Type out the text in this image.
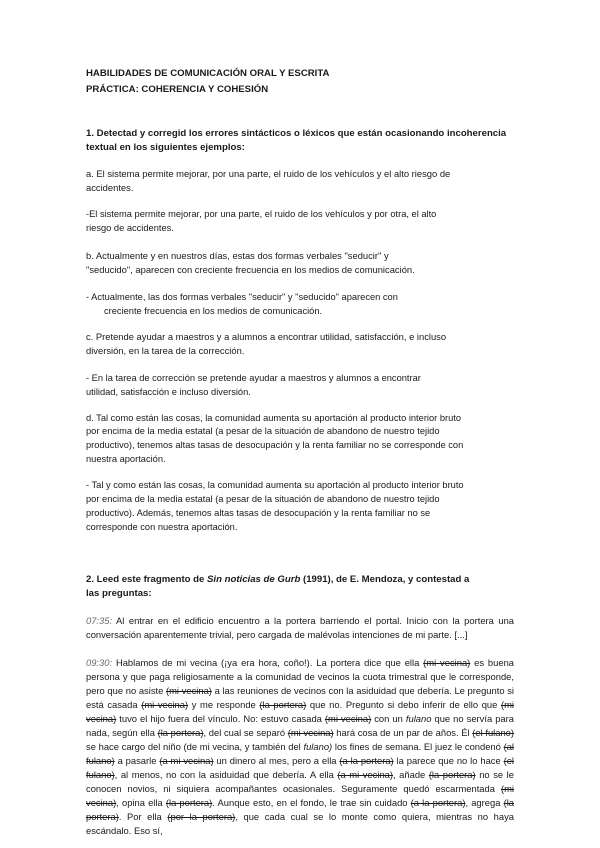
HABILIDADES DE COMUNICACIÓN ORAL Y ESCRITA
PRÁCTICA: COHERENCIA Y COHESIÓN
1. Detectad y corregid los errores sintácticos o léxicos que están ocasionando incoherencia
textual en los siguientes ejemplos:
a. El sistema permite mejorar, por una parte, el ruido de los vehículos y el alto riesgo de
accidentes.
-El sistema permite mejorar, por una parte, el ruido de los vehículos y por otra, el alto
riesgo de accidentes.
b. Actualmente y en nuestros días, estas dos formas verbales "seducir" y
"seducido", aparecen con creciente frecuencia en los medios de comunicación.
- Actualmente, las dos formas verbales "seducir" y "seducido" aparecen con
creciente frecuencia en los medios de comunicación.
c. Pretende ayudar a maestros y a alumnos a encontrar utilidad, satisfacción, e incluso
diversión, en la tarea de la corrección.
- En la tarea de corrección se pretende ayudar a maestros y alumnos a encontrar
utilidad, satisfacción e incluso diversión.
d. Tal como están las cosas, la comunidad aumenta su aportación al producto interior bruto
por encima de la media estatal (a pesar de la situación de abandono de nuestro tejido
productivo), tenemos altas tasas de desocupación y la renta familiar no se corresponde con
nuestra aportación.
- Tal y como están las cosas, la comunidad aumenta su aportación al producto interior bruto
por encima de la media estatal (a pesar de la situación de abandono de nuestro tejido
productivo). Además, tenemos altas tasas de desocupación y la renta familiar no se
corresponde con nuestra aportación.
2. Leed este fragmento de Sin noticias de Gurb (1991), de E. Mendoza, y contestad a
las preguntas:
07:35: Al entrar en el edificio encuentro a la portera barriendo el portal. Inicio con la portera una conversación aparentemente trivial, pero cargada de malévolas intenciones de mi parte. [...]
09:30: Hablamos de mi vecina (¡ya era hora, coño!). La portera dice que ella (mi vecina) es buena persona y que paga religiosamente a la comunidad de vecinos la cuota trimestral que le corresponde, pero que no asiste (mi vecina) a las reuniones de vecinos con la asiduidad que debería. Le pregunto si está casada (mi vecina) y me responde (la portera) que no. Pregunto si debo inferir de ello que (mi vecina) tuvo el hijo fuera del vínculo. No: estuvo casada (mi vecina) con un fulano que no servía para nada, según ella (la portera), del cual se separó (mi vecina) hará cosa de un par de años. Él (el fulano) se hace cargo del niño (de mi vecina, y también del fulano) los fines de semana. El juez le condenó (al fulano) a pasarle (a mi vecina) un dinero al mes, pero a ella (a la portera) la parece que no lo hace (el fulano), al menos, no con la asiduidad que debería. A ella (a mi vecina), añade (la portera) no se le conocen novios, ni siquiera acompañantes ocasionales. Seguramente quedó escarmentada (mi vecina), opina ella (la portera). Aunque esto, en el fondo, le trae sin cuidado (a la portera), agrega (la portera). Por ella (por la portera), que cada cual se lo monte como quiera, mientras no haya escándalo. Eso sí,
